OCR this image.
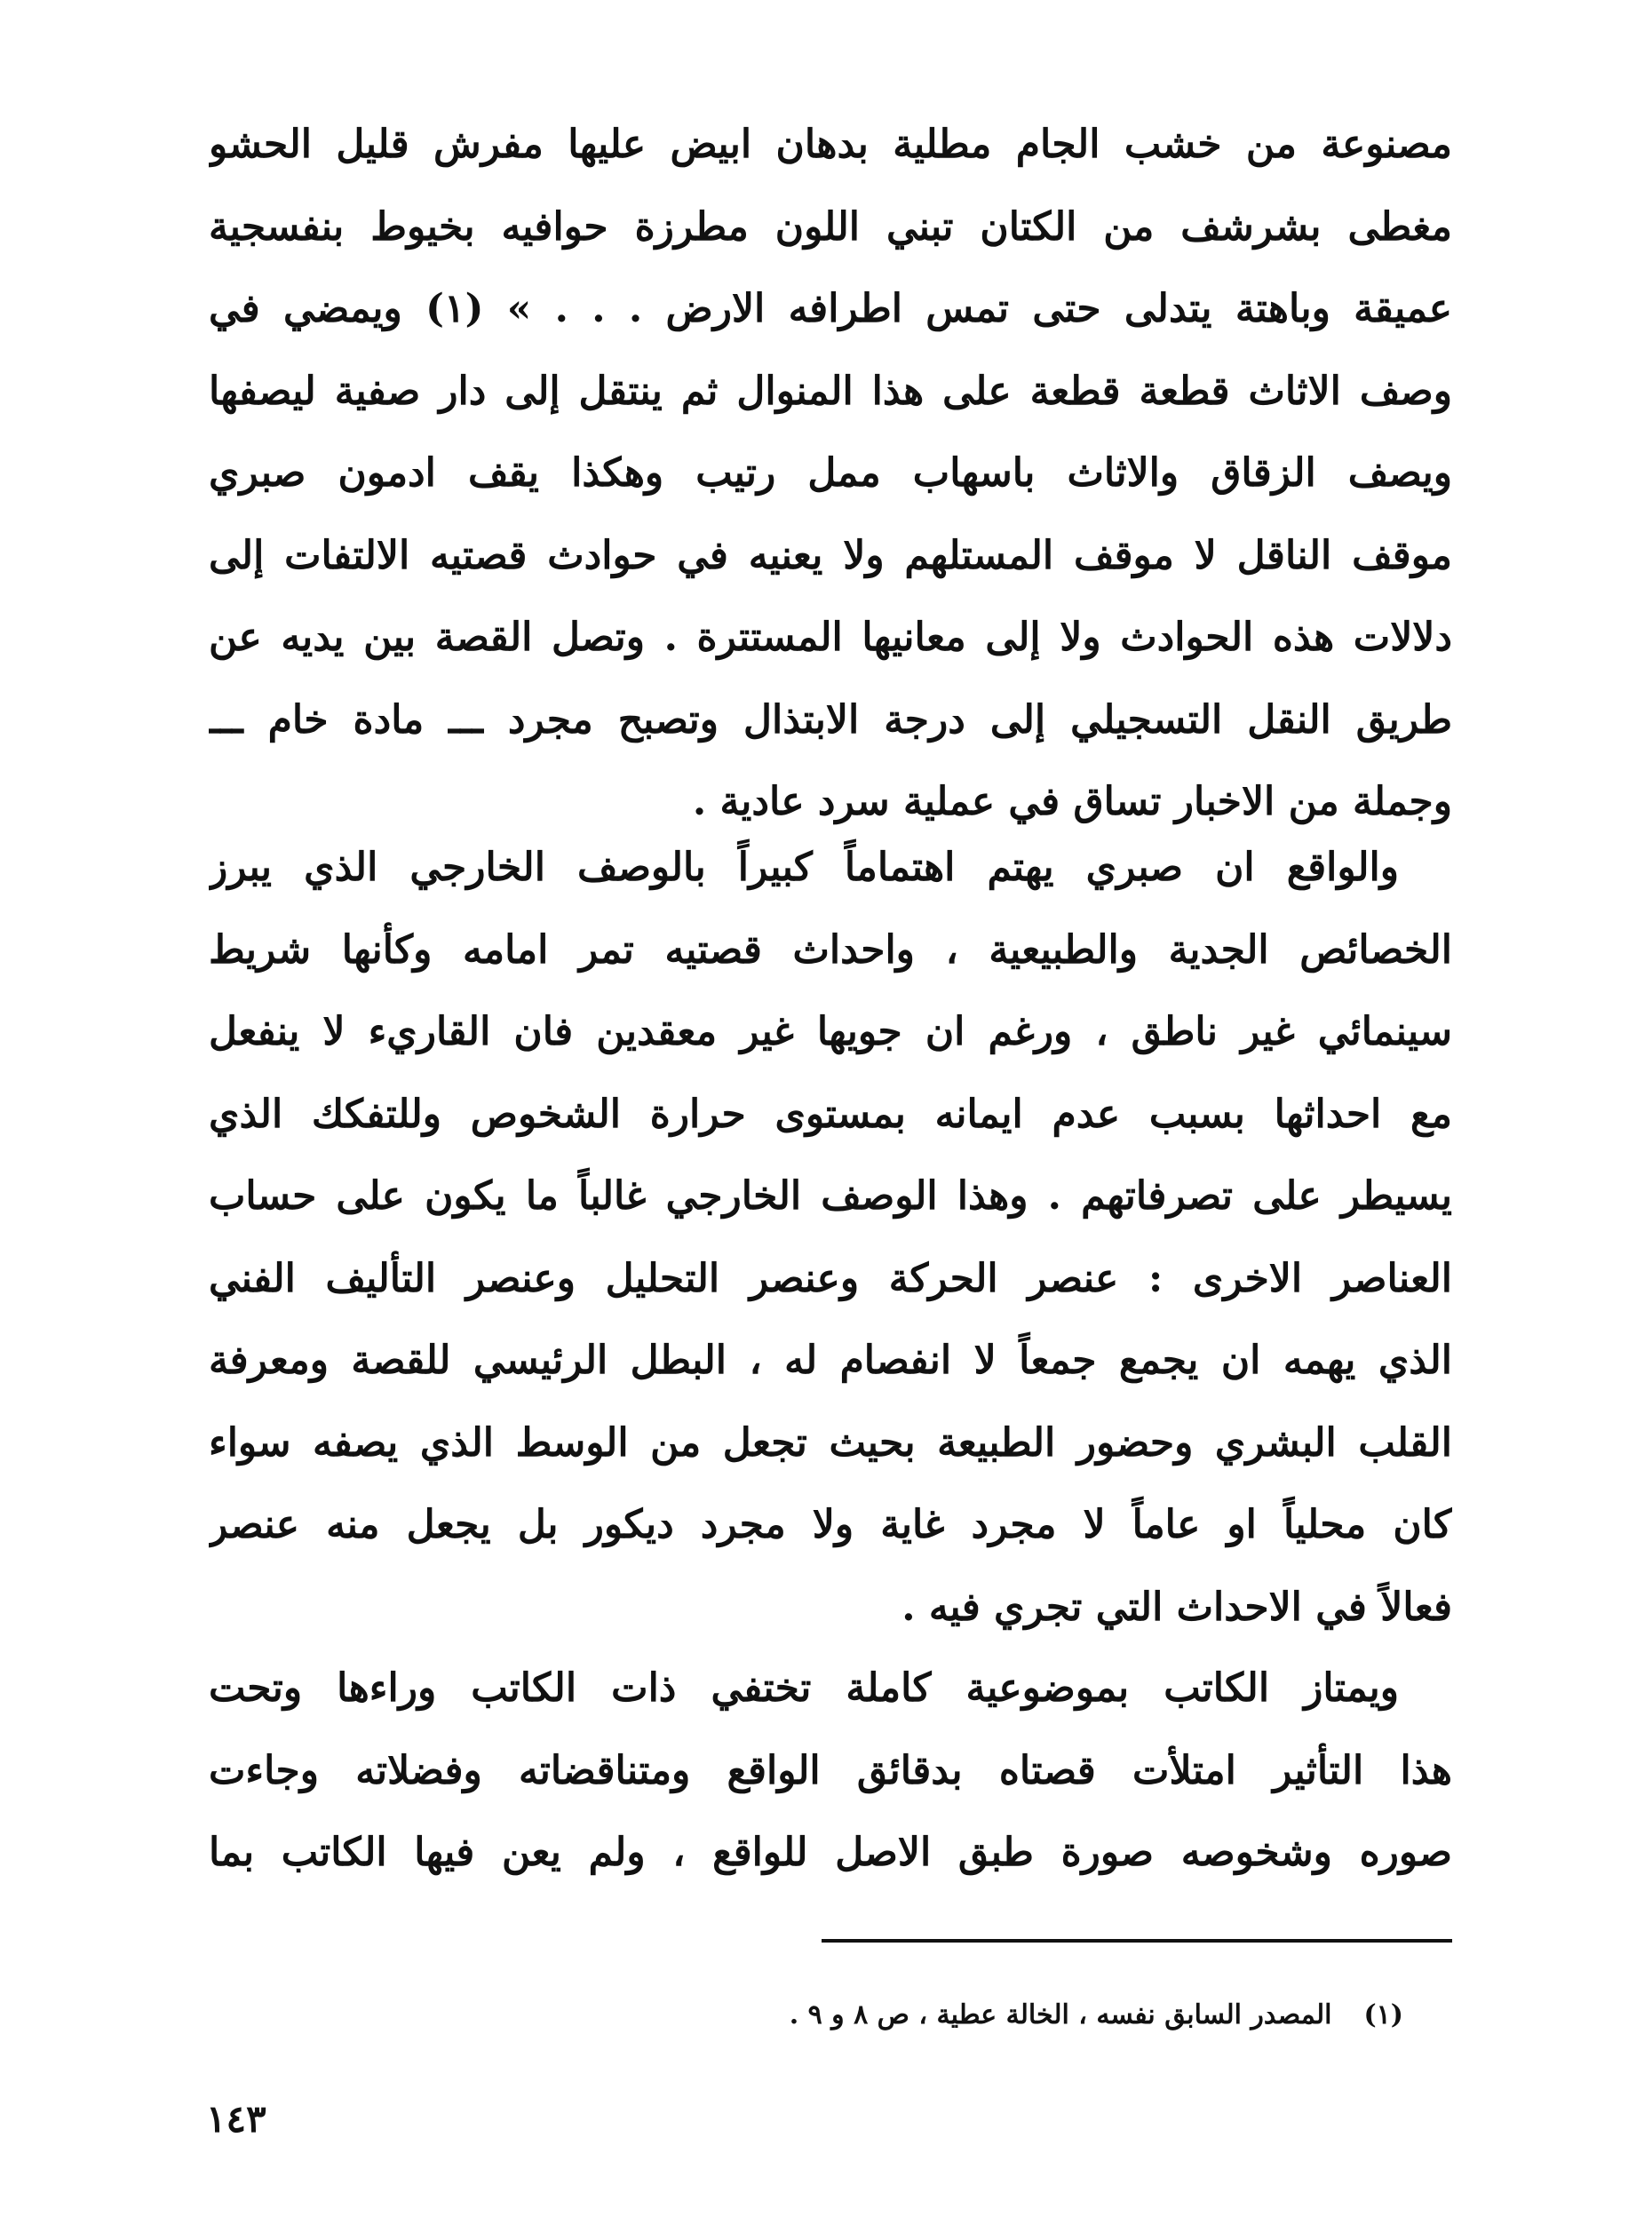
مصنوعة من خشب الجام مطلية بدهان ابيض عليها مفرش قليل الحشو
مغطى بشرشف من الكتان تبني اللون مطرزة حوافيه بخيوط بنفسجية
عميقة وباهتة يتدلى حتى تمس اطرافه الارض . . . » (١) ويمضي في
وصف الاثاث قطعة قطعة على هذا المنوال ثم ينتقل إلى دار صفية ليصفها
ويصف الزقاق والاثاث باسهاب ممل رتيب وهكذا يقف ادمون صبري
موقف الناقل لا موقف المستلهم ولا يعنيه في حوادث قصتيه الالتفات إلى
دلالات هذه الحوادث ولا إلى معانيها المستترة . وتصل القصة بين يديه عن
طريق النقل التسجيلي إلى درجة الابتذال وتصبح مجرد ـــ مادة خام ـــ
وجملة من الاخبار تساق في عملية سرد عادية .
والواقع ان صبري يهتم اهتماماً كبيراً بالوصف الخارجي الذي يبرز
الخصائص الجدية والطبيعية ، واحداث قصتيه تمر امامه وكأنها شريط
سينمائي غير ناطق ، ورغم ان جويها غير معقدين فان القاريء لا ينفعل
مع احداثها بسبب عدم ايمانه بمستوى حرارة الشخوص وللتفكك الذي
يسيطر على تصرفاتهم . وهذا الوصف الخارجي غالباً ما يكون على حساب
العناصر الاخرى : عنصر الحركة وعنصر التحليل وعنصر التأليف الفني
الذي يهمه ان يجمع جمعاً لا انفصام له ، البطل الرئيسي للقصة ومعرفة
القلب البشري وحضور الطبيعة بحيث تجعل من الوسط الذي يصفه سواء
كان محلياً او عاماً لا مجرد غاية ولا مجرد ديكور بل يجعل منه عنصر
فعالاً في الاحداث التي تجري فيه .
ويمتاز الكاتب بموضوعية كاملة تختفي ذات الكاتب وراءها وتحت
هذا التأثير امتلأت قصتاه بدقائق الواقع ومتناقضاته وفضلاته وجاءت
صوره وشخوصه صورة طبق الاصل للواقع ، ولم يعن فيها الكاتب بما
(١)المصدر السابق نفسه ، الخالة عطية ، ص ٨ و ٩ .
١٤٣
